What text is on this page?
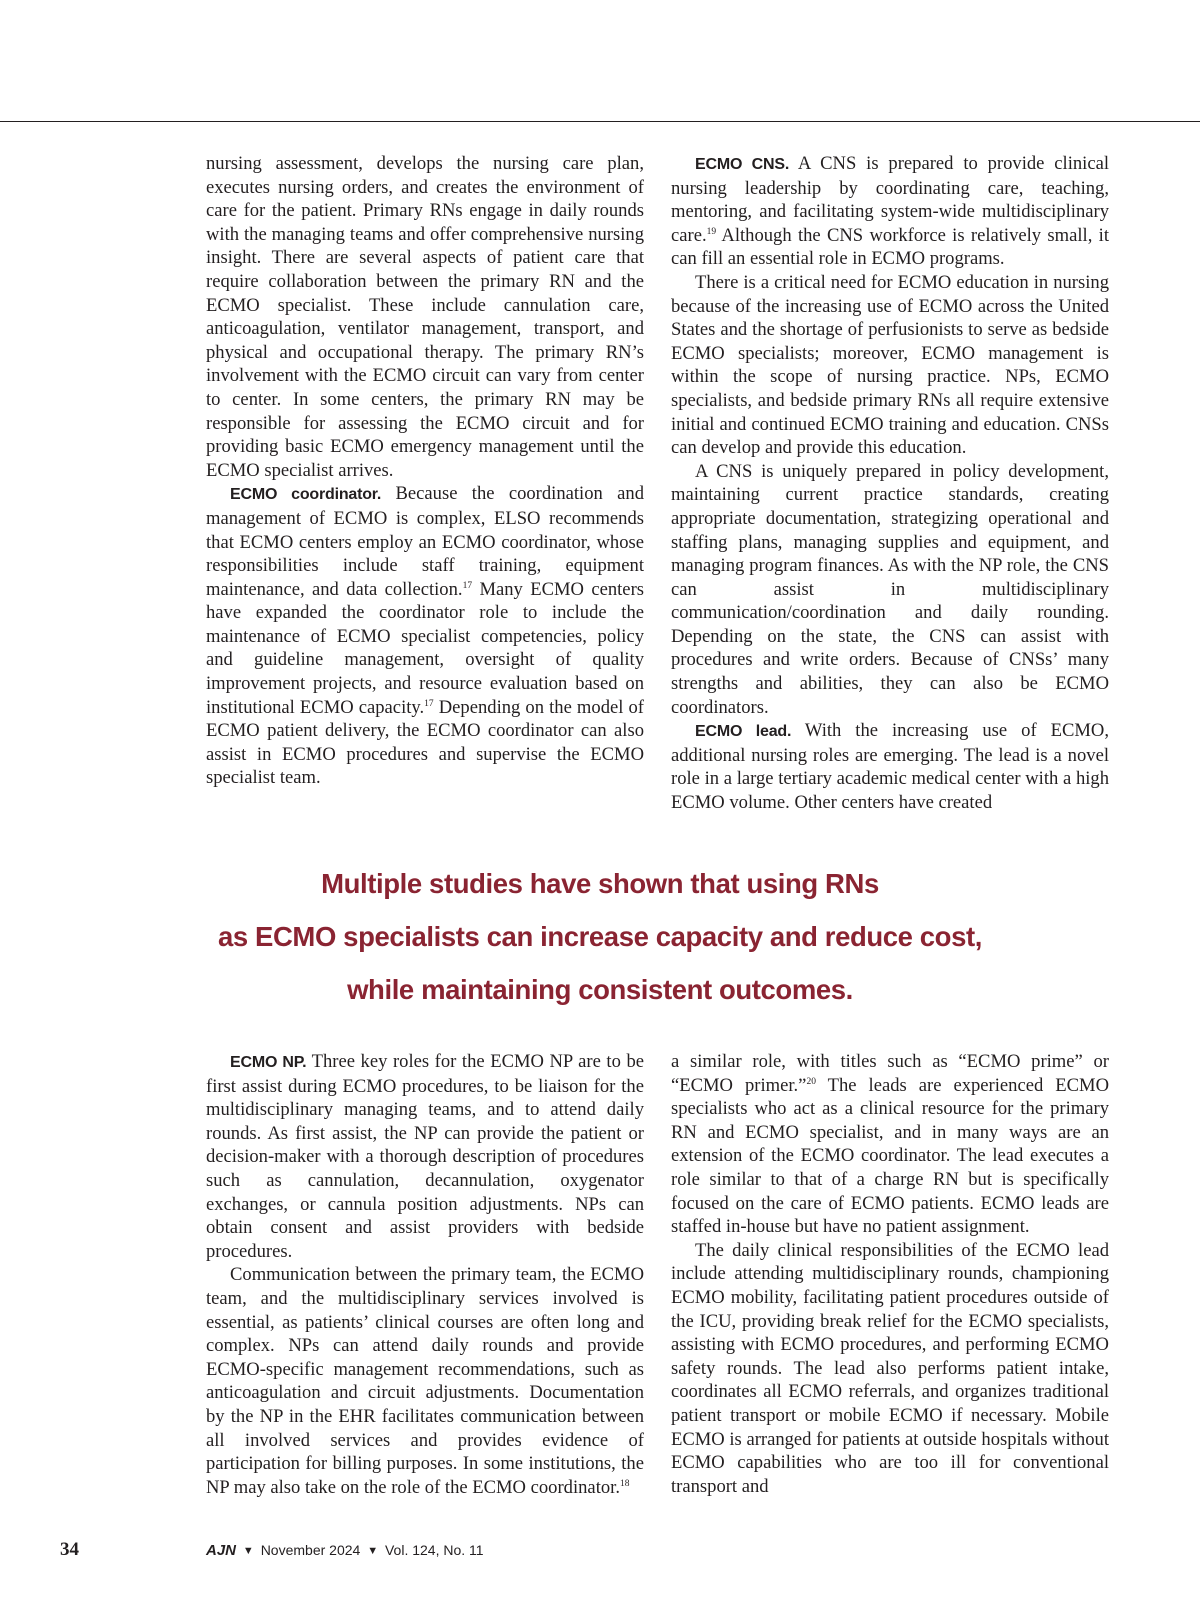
nursing assessment, develops the nursing care plan, executes nursing orders, and creates the environment of care for the patient. Primary RNs engage in daily rounds with the managing teams and offer comprehensive nursing insight. There are several aspects of patient care that require collaboration between the primary RN and the ECMO specialist. These include cannulation care, anticoagulation, ventilator management, transport, and physical and occupational therapy. The primary RN’s involvement with the ECMO circuit can vary from center to center. In some centers, the primary RN may be responsible for assessing the ECMO circuit and for providing basic ECMO emergency management until the ECMO specialist arrives.

ECMO coordinator. Because the coordination and management of ECMO is complex, ELSO recommends that ECMO centers employ an ECMO coordinator, whose responsibilities include staff training, equipment maintenance, and data collection.$^{17}$ Many ECMO centers have expanded the coordinator role to include the maintenance of ECMO specialist competencies, policy and guideline management, oversight of quality improvement projects, and resource evaluation based on institutional ECMO capacity.$^{17}$ Depending on the model of ECMO patient delivery, the ECMO coordinator can also assist in ECMO procedures and supervise the ECMO specialist team.

ECMO CNS. A CNS is prepared to provide clinical nursing leadership by coordinating care, teaching, mentoring, and facilitating system-wide multidisciplinary care.$^{19}$ Although the CNS workforce is relatively small, it can fill an essential role in ECMO programs.

There is a critical need for ECMO education in nursing because of the increasing use of ECMO across the United States and the shortage of perfusionists to serve as bedside ECMO specialists; moreover, ECMO management is within the scope of nursing practice. NPs, ECMO specialists, and bedside primary RNs all require extensive initial and continued ECMO training and education. CNSs can develop and provide this education.

A CNS is uniquely prepared in policy development, maintaining current practice standards, creating appropriate documentation, strategizing operational and staffing plans, managing supplies and equipment, and managing program finances. As with the NP role, the CNS can assist in multidisciplinary communication/coordination and daily rounding. Depending on the state, the CNS can assist with procedures and write orders. Because of CNSs’ many strengths and abilities, they can also be ECMO coordinators.

ECMO lead. With the increasing use of ECMO, additional nursing roles are emerging. The lead is a novel role in a large tertiary academic medical center with a high ECMO volume. Other centers have created

Multiple studies have shown that using RNs
as ECMO specialists can increase capacity and reduce cost,
while maintaining consistent outcomes.

ECMO NP. Three key roles for the ECMO NP are to be first assist during ECMO procedures, to be liaison for the multidisciplinary managing teams, and to attend daily rounds. As first assist, the NP can provide the patient or decision-maker with a thorough description of procedures such as cannulation, decannulation, oxygenator exchanges, or cannula position adjustments. NPs can obtain consent and assist providers with bedside procedures.

Communication between the primary team, the ECMO team, and the multidisciplinary services involved is essential, as patients’ clinical courses are often long and complex. NPs can attend daily rounds and provide ECMO-specific management recommendations, such as anticoagulation and circuit adjustments. Documentation by the NP in the EHR facilitates communication between all involved services and provides evidence of participation for billing purposes. In some institutions, the NP may also take on the role of the ECMO coordinator.$^{18}$

a similar role, with titles such as “ECMO prime” or “ECMO primer.”$^{20}$ The leads are experienced ECMO specialists who act as a clinical resource for the primary RN and ECMO specialist, and in many ways are an extension of the ECMO coordinator. The lead executes a role similar to that of a charge RN but is specifically focused on the care of ECMO patients. ECMO leads are staffed in-house but have no patient assignment.

The daily clinical responsibilities of the ECMO lead include attending multidisciplinary rounds, championing ECMO mobility, facilitating patient procedures outside of the ICU, providing break relief for the ECMO specialists, assisting with ECMO procedures, and performing ECMO safety rounds. The lead also performs patient intake, coordinates all ECMO referrals, and organizes traditional patient transport or mobile ECMO if necessary. Mobile ECMO is arranged for patients at outside hospitals without ECMO capabilities who are too ill for conventional transport and

34	AJN ▼ November 2024 ▼ Vol. 124, No. 11
